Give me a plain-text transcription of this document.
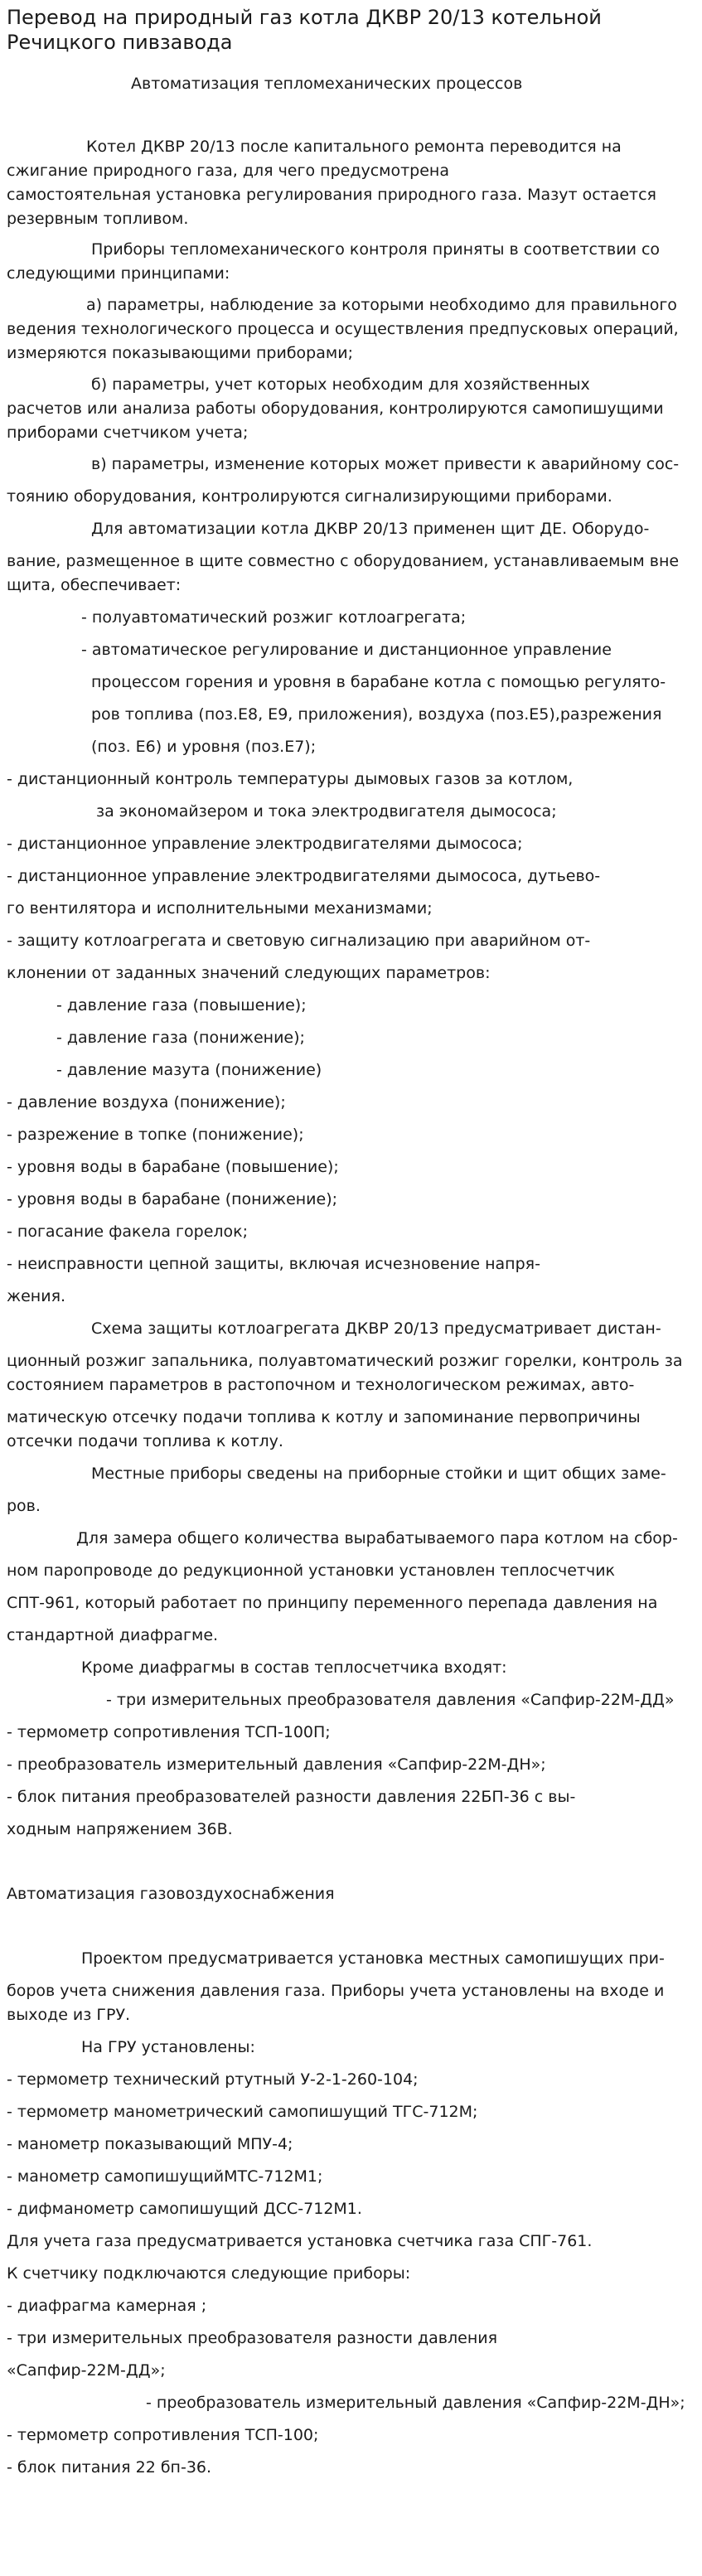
Перевод на природный газ котла ДКВР 20/13 котельной Речицкого пивзавода
Автоматизация тепломеханических процессов
Котел ДКВР 20/13 после капитального ремонта переводится на
сжигание природного газа, для чего предусмотрена
самостоятельная установка регулирования природного газа. Мазут остается
резервным топливом.
Приборы тепломеханического контроля приняты в соответствии со
следующими принципами:
а) параметры, наблюдение за которыми необходимо для правильного
ведения технологического процесса и осуществления предпусковых операций,
измеряются показывающими приборами;
б) параметры, учет которых необходим для хозяйственных
расчетов или анализа работы оборудования, контролируются самопишущими
приборами счетчиком учета;
в) параметры, изменение которых может привести к аварийному сос-
тоянию оборудования, контролируются сигнализирующими приборами.
Для автоматизации котла ДКВР 20/13 применен щит ДЕ. Оборудо-
вание, размещенное в щите совместно с оборудованием, устанавливаемым вне
щита, обеспечивает:
- полуавтоматический розжиг котлоагрегата;
- автоматическое регулирование и дистанционное управление
процессом горения и уровня в барабане котла с помощью регулято-
ров топлива (поз.Е8, Е9, приложения), воздуха (поз.Е5),разрежения
(поз. Е6) и уровня (поз.Е7);
- дистанционный контроль температуры дымовых газов за котлом,
за экономайзером и тока электродвигателя дымососа;
- дистанционное управление электродвигателями дымососа;
- дистанционное управление электродвигателями дымососа, дутьево-
го вентилятора и исполнительными механизмами;
- защиту котлоагрегата и световую сигнализацию при аварийном от-
клонении от заданных значений следующих параметров:
- давление газа (повышение);
- давление газа (понижение);
- давление мазута (понижение)
- давление воздуха (понижение);
- разрежение в топке (понижение);
- уровня воды в барабане (повышение);
- уровня воды в барабане (понижение);
- погасание факела горелок;
- неисправности цепной защиты, включая исчезновение напря-
жения.
Схема защиты котлоагрегата ДКВР 20/13 предусматривает дистан-
ционный розжиг запальника, полуавтоматический розжиг горелки, контроль за
состоянием параметров в растопочном и технологическом режимах, авто-
матическую отсечку подачи топлива к котлу и запоминание первопричины
отсечки подачи топлива к котлу.
Местные приборы сведены на приборные стойки и щит общих заме-
ров.
Для замера общего количества вырабатываемого пара котлом на сбор-
ном паропроводе до редукционной установки установлен теплосчетчик
СПТ-961, который работает по принципу переменного перепада давления на
стандартной диафрагме.
Кроме диафрагмы в состав теплосчетчика входят:
- три измерительных преобразователя давления «Сапфир-22М-ДД»
- термометр сопротивления ТСП-100П;
- преобразователь измерительный давления «Сапфир-22М-ДН»;
- блок питания преобразователей разности давления 22БП-36 с вы-
ходным напряжением 36В.
Автоматизация газовоздухоснабжения
Проектом предусматривается установка местных самопишущих при-
боров учета снижения давления газа. Приборы учета установлены на входе и
выходе из ГРУ.
На ГРУ установлены:
- термометр технический ртутный У-2-1-260-104;
- термометр манометрический самопишущий ТГС-712М;
- манометр показывающий МПУ-4;
- манометр самопишущийМТС-712М1;
- дифманометр самопишущий ДСС-712М1.
Для учета газа предусматривается установка счетчика газа СПГ-761.
К счетчику подключаются следующие приборы:
- диафрагма камерная ;
- три измерительных преобразователя разности давления
«Сапфир-22М-ДД»;
- преобразователь измерительный давления «Сапфир-22М-ДН»;
- термометр сопротивления ТСП-100;
- блок питания 22 бп-36.
